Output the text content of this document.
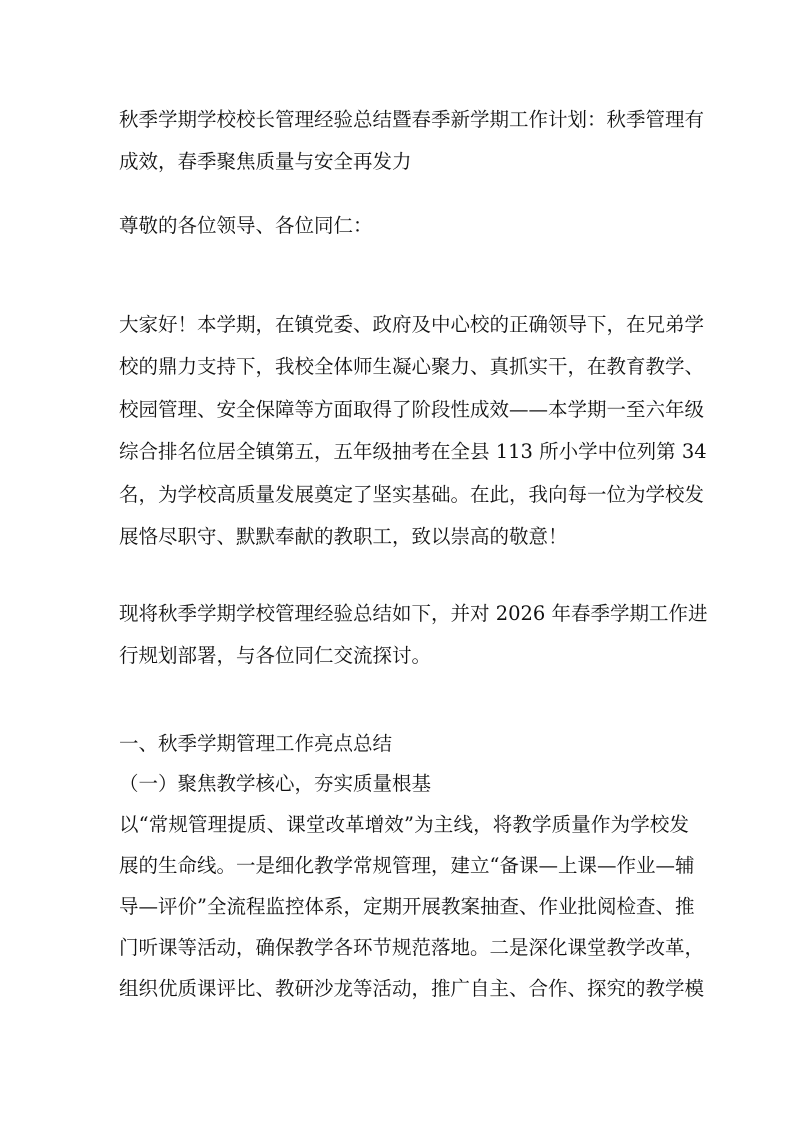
秋季学期学校校长管理经验总结暨春季新学期工作计划：秋季管理有
成效，春季聚焦质量与安全再发力
尊敬的各位领导、各位同仁：
大家好！本学期，在镇党委、政府及中心校的正确领导下，在兄弟学
校的鼎力支持下，我校全体师生凝心聚力、真抓实干，在教育教学、
校园管理、安全保障等方面取得了阶段性成效——本学期一至六年级
综合排名位居全镇第五，五年级抽考在全县 113 所小学中位列第 34
名，为学校高质量发展奠定了坚实基础。在此，我向每一位为学校发
展恪尽职守、默默奉献的教职工，致以崇高的敬意！
现将秋季学期学校管理经验总结如下，并对 2026 年春季学期工作进
行规划部署，与各位同仁交流探讨。
一、秋季学期管理工作亮点总结
（一）聚焦教学核心，夯实质量根基
以“常规管理提质、课堂改革增效”为主线，将教学质量作为学校发
展的生命线。一是细化教学常规管理，建立“备课—上课—作业—辅
导—评价”全流程监控体系，定期开展教案抽查、作业批阅检查、推
门听课等活动，确保教学各环节规范落地。二是深化课堂教学改革，
组织优质课评比、教研沙龙等活动，推广自主、合作、探究的教学模
